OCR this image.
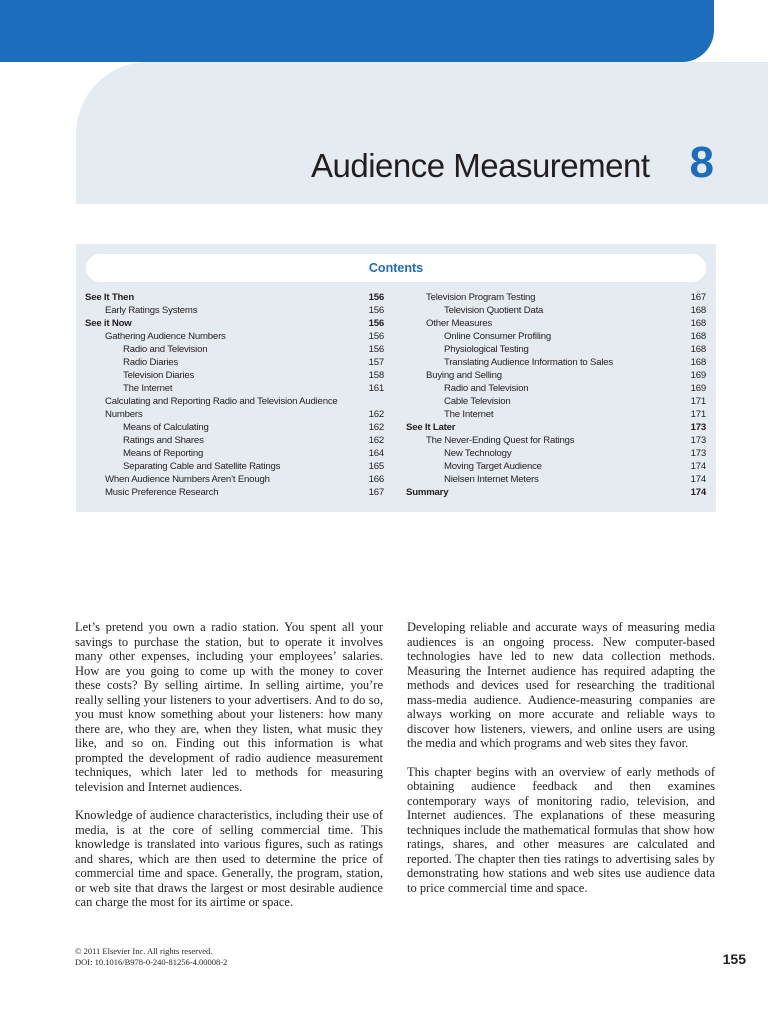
Audience Measurement 8
Contents
See It Then	156
Early Ratings Systems	156
See it Now	156
Gathering Audience Numbers	156
Radio and Television	156
Radio Diaries	157
Television Diaries	158
The Internet	161
Calculating and Reporting Radio and Television Audience
Numbers	162
Means of Calculating	162
Ratings and Shares	162
Means of Reporting	164
Separating Cable and Satellite Ratings	165
When Audience Numbers Aren’t Enough	166
Music Preference Research	167
Television Program Testing	167
Television Quotient Data	168
Other Measures	168
Online Consumer Profiling	168
Physiological Testing	168
Translating Audience Information to Sales	168
Buying and Selling	169
Radio and Television	169
Cable Television	171
The Internet	171
See It Later	173
The Never-Ending Quest for Ratings	173
New Technology	173
Moving Target Audience	174
Nielsen Internet Meters	174
Summary	174

Let’s pretend you own a radio station. You spent all your savings to purchase the station, but to operate it involves many other expenses, including your employees’ salaries. How are you going to come up with the money to cover these costs? By selling airtime. In selling airtime, you’re really selling your listeners to your advertisers. And to do so, you must know something about your listeners: how many there are, who they are, when they listen, what music they like, and so on. Finding out this information is what prompted the development of radio audience measurement techniques, which later led to methods for measuring television and Internet audiences.

Knowledge of audience characteristics, including their use of media, is at the core of selling commercial time. This knowledge is translated into various figures, such as ratings and shares, which are then used to determine the price of commercial time and space. Generally, the program, station, or web site that draws the largest or most desirable audience can charge the most for its airtime or space.

Developing reliable and accurate ways of measuring media audiences is an ongoing process. New computer-based technologies have led to new data collection methods. Measuring the Internet audience has required adapting the methods and devices used for researching the traditional mass-media audience. Audience-measuring companies are always working on more accurate and reliable ways to discover how listeners, viewers, and online users are using the media and which programs and web sites they favor.

This chapter begins with an overview of early methods of obtaining audience feedback and then examines contemporary ways of monitoring radio, television, and Internet audiences. The explanations of these measuring techniques include the mathematical formulas that show how ratings, shares, and other measures are calculated and reported. The chapter then ties ratings to advertising sales by demonstrating how stations and web sites use audience data to price commercial time and space.

© 2011 Elsevier Inc. All rights reserved.
DOI: 10.1016/B978-0-240-81256-4.00008-2	155
